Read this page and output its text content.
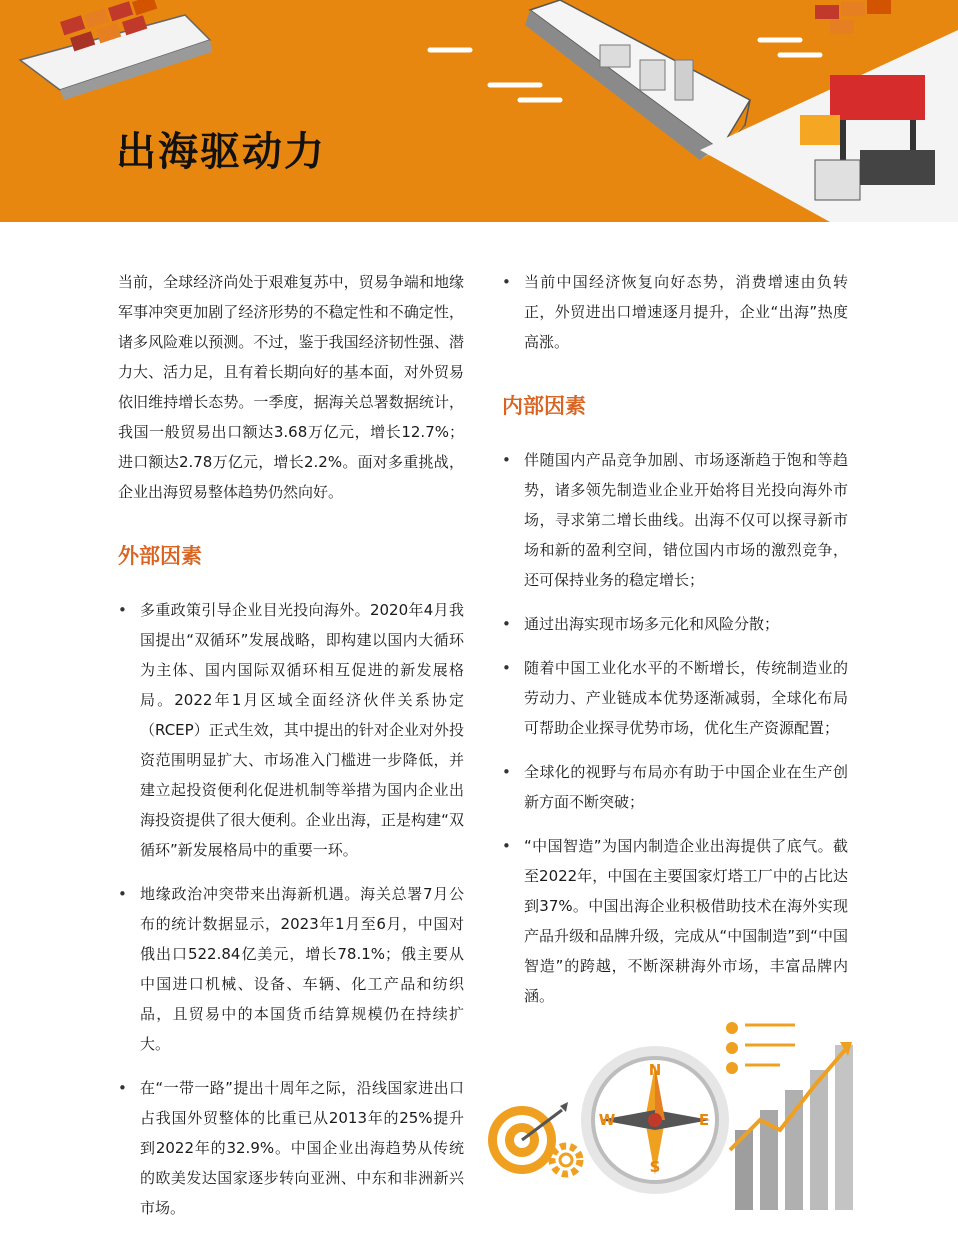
出海驱动力

当前，全球经济尚处于艰难复苏中，贸易争端和地缘军事冲突更加剧了经济形势的不稳定性和不确定性，诸多风险难以预测。不过，鉴于我国经济韧性强、潜力大、活力足，且有着长期向好的基本面，对外贸易依旧维持增长态势。一季度，据海关总署数据统计，我国一般贸易出口额达3.68万亿元，增长12.7%；进口额达2.78万亿元，增长2.2%。面对多重挑战，企业出海贸易整体趋势仍然向好。

外部因素
• 多重政策引导企业目光投向海外。2020年4月我国提出“双循环”发展战略，即构建以国内大循环为主体、国内国际双循环相互促进的新发展格局。2022年1月区域全面经济伙伴关系协定（RCEP）正式生效，其中提出的针对企业对外投资范围明显扩大、市场准入门槛进一步降低，并建立起投资便利化促进机制等举措为国内企业出海投资提供了很大便利。企业出海，正是构建“双循环”新发展格局中的重要一环。
• 地缘政治冲突带来出海新机遇。海关总署7月公布的统计数据显示，2023年1月至6月，中国对俄出口522.84亿美元，增长78.1%；俄主要从中国进口机械、设备、车辆、化工产品和纺织品，且贸易中的本国货币结算规模仍在持续扩大。
• 在“一带一路”提出十周年之际，沿线国家进出口占我国外贸整体的比重已从2013年的25%提升到2022年的32.9%。中国企业出海趋势从传统的欧美发达国家逐步转向亚洲、中东和非洲新兴市场。
• 当前中国经济恢复向好态势，消费增速由负转正，外贸进出口增速逐月提升，企业“出海”热度高涨。
内部因素
• 伴随国内产品竞争加剧、市场逐渐趋于饱和等趋势，诸多领先制造业企业开始将目光投向海外市场，寻求第二增长曲线。出海不仅可以探寻新市场和新的盈利空间，错位国内市场的激烈竞争，还可保持业务的稳定增长；
• 通过出海实现市场多元化和风险分散；
• 随着中国工业化水平的不断增长，传统制造业的劳动力、产业链成本优势逐渐减弱，全球化布局可帮助企业探寻优势市场，优化生产资源配置；
• 全球化的视野与布局亦有助于中国企业在生产创新方面不断突破；
• “中国智造”为国内制造企业出海提供了底气。截至2022年，中国在主要国家灯塔工厂中的占比达到37%。中国出海企业积极借助技术在海外实现产品升级和品牌升级，完成从“中国制造”到“中国智造”的跨越，不断深耕海外市场，丰富品牌内涵。
N
S
E
W
